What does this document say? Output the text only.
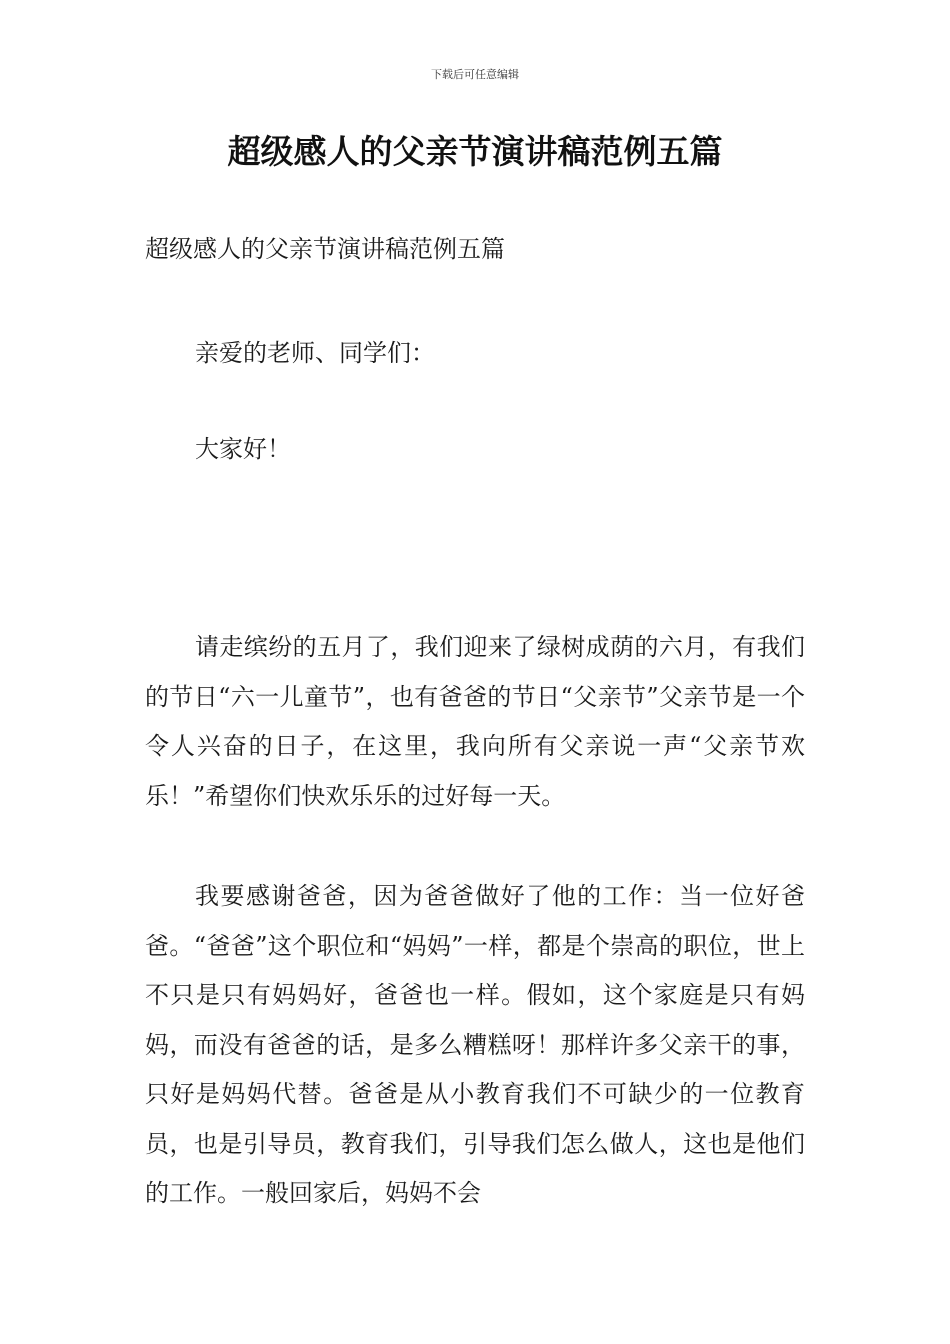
下载后可任意编辑
超级感人的父亲节演讲稿范例五篇
超级感人的父亲节演讲稿范例五篇
亲爱的老师、同学们：
大家好！

请走缤纷的五月了，我们迎来了绿树成荫的六月，有我们的节日“六一儿童节”，也有爸爸的节日“父亲节”父亲节是一个令人兴奋的日子，在这里，我向所有父亲说一声“父亲节欢乐！”希望你们快欢乐乐的过好每一天。

我要感谢爸爸，因为爸爸做好了他的工作：当一位好爸爸。“爸爸”这个职位和“妈妈”一样，都是个崇高的职位，世上不只是只有妈妈好，爸爸也一样。假如，这个家庭是只有妈妈，而没有爸爸的话，是多么糟糕呀！那样许多父亲干的事，只好是妈妈代替。爸爸是从小教育我们不可缺少的一位教育员，也是引导员，教育我们，引导我们怎么做人，这也是他们的工作。一般回家后，妈妈不会
